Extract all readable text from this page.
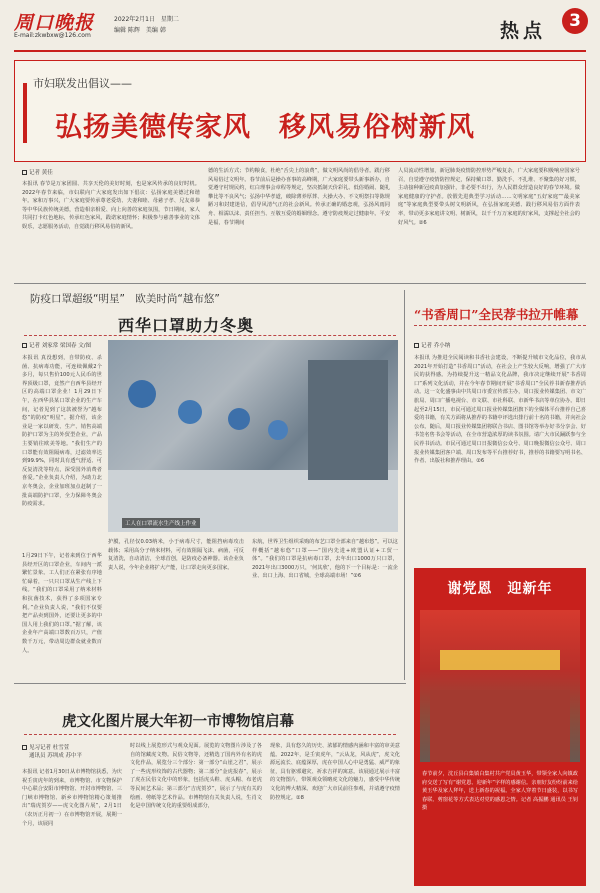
周口晚报
E-mail:zkwbxw@126.com
2022年2月1日　星期二
编辑 陈辉　美编 韩	热点	3
市妇联发出倡议——
弘扬美德传家风　移风易俗树新风
记者 黄佳
本报讯 春节是万家团圆、共享天伦的美好时刻，也是家风传承的良好时机。2022年春节来临，市妇联向广大家庭发出如下倡议：弘扬家庭美德过和谐年。家和万事兴，广大家庭要传承尊老爱幼、夫妻和睦、母慈子孝、兄友弟恭等中华民族传统美德，营造相亲相爱、向上向善的家庭氛围，节日期间，家人共同打卡红色地标，传承红色家风，践诺家庭情怀；积极参与慈善事业的文体娱乐，志愿服务活动，自觉践行移风易俗的新风。
德的生活方式；节约粮食，杜绝“舌尖上的浪费”，做文明风尚的倡导者。践行移风易俗过文明年。春节前后是操办喜事的高峰期，广大家庭要带头新事新办，自觉遵守村规民约，红白理事会章程等规定，坚决抵制天价彩礼、低俗婚闹、随礼攀比等不良风气；弘扬中华孝道，破除薄养厚葬、大操大办、不文明祭扫等陈规陋习和封建迷信，倡导风清气正的社会新风。传承正确的婚恋观，弘扬风雨同舟、相濡以沫、责任担当、互敬互爱的婚姻理念。遵守防疫规定过健康年。平安是福，春节期间
人员流动性增加，新冠肺炎疫情防控形势严峻复杂，广大家庭要积极响应国家号召，自觉遵守疫情防控规定，保持戴口罩、勤洗手、不扎堆、不聚集的好习惯，主动接种新冠疫苗加强针，非必要不出行，为人民群众营造良好的春节环境。做家庭健康的守护者。放假先进典型学习活动……文明家庭“五好家庭”“最美家庭”等家庭典型要带头树文明新风，在弘扬家庭美德、践行移风易俗方面作表率，带动更多家庭讲文明、树新风，以千千万万家庭的好家风，支撑起全社会的好风气。②6
防疫口罩超级“明星”　欧美时尚“越布悠”
西华口罩助力冬奥
记者 刘家常 梁国春 文/图
本报讯 真没想到，自带防疫、杀菌、抗病毒功能，可连续佩戴2个多月，每只售价100元人民币的世界顶级口罩，竟然产自西华县经开区的高端口罩企业！1月29日下午，在西华县某口罩企业的生产车间，记者见到了这款被誉为“越布悠”的防疫“明星”。据介绍，该企业是一家以研发、生产、销售高端防护口罩为主的外贸型企业，产品主要销往欧美等地。“我们生产的口罩能有效阻隔病毒，过滤效率达到99.9%，同时具有透气舒适、可反复清洗等特点，深受国外消费者喜爱。”企业负责人介绍，为助力北京冬奥会，企业加班加点赶制了一批高端防护口罩，全力保障冬奥会防疫需求。
工人在口罩流水生产线上作业
1月29日下午，记者来到位于西华县经开区的口罩企业，车间内一派繁忙景象。工人们正在紧张有序地忙碌着，一只只口罩从生产线上下线。“我们的口罩采用了纳米材料和抗菌技术，获得了多项国家专利。”企业负责人说，“我们不仅要把产品卖到国外，还要让更多的中国人用上我们的口罩。”据了解，该企业年产高端口罩数百万只，产值数千万元，带动周边群众就业数百人。
护膜，孔径仅0.03纳米，小于病毒尺寸，能阻挡病毒攻击载体；采用高分子纳米材料，可有效阻隔飞沫、病菌，可反复清洗，自动清洁，全球首创，是防疫必备神器。该企业负责人说，今年企业将扩大产能，让口罩走向更多国家。
东航，世界卫生组织采购的布艺口罩全部来自“越布悠”。可以这样概括“越布悠”口罩——“国内先进+欧盟认证+工贸一体”。“我们的口罩是抗病毒口罩，去年出口1000万只口罩，2021年出口3000万只，‘何其欣’，他的下一个目标是：一流企业、出口上海、出口省城，全球高端市场！”②6
“书香周口”全民荐书拉开帷幕
记者 乔小纳
本报讯 为推进全民阅读和书香社会建设，不断提升城市文化品位，我市从2021年开始打造“书香周口”活动，在社会上产生较大反响，增强了广大市民的获得感。为持续提升这一精品文化品牌，我市决定继续开展“书香周口”系列文化活动，并在今年春节期间开展“书香周口”全民荐书新春推荐活动。这一文化盛事由中共周口市委宣传部主办，周口报业传媒集团、市文广旅局、周口广播电视台、市文联、市社科联、市新华书店等单位协办。即日起至2月15日，市民可通过周口报业传媒集团旗下的全媒体平台推荐自己喜爱的书籍，有关方面将从推荐的书籍中评选出排行前十名的书籍，并向社会公布。随后，周口报业传媒集团将联合书店、图书馆等举办好书分享会、好书签名售书会等活动，在全市营造浓厚的读书氛围。请广大市民踊跃参与全民荐书活动。市民可通过周口日报微信公众号、周口晚报微信公众号、周口报业传媒集团客户端、周口发布等平台推荐好书，推荐的书籍要写明书名、作者、出版社和推荐理由。②6
谢党恩　迎新年
春节前夕，沈丘县白集镇白集村共产党员黄玉华，带领全家人向镇政府交送了写有“谢党恩、迎新年”字样的感谢信。亲朋好友纷纷前来给黄玉华及家人拜年，送上新春的祝福。全家人穿着节日盛装，以书写春联、剪窗花等方式表达对党的感恩之情。记者 高振鹏 通讯员 王钊 摄
虎文化图片展大年初一市博物馆启幕
见习记者 杜雪萱
通讯员 苏圳成 苏中平
本报讯 记者1月30日从市博物馆获悉，为庆祝壬寅虎年的到来，市博物馆、市文物保护中心联合安阳市博物馆、开封市博物馆、三门峡市博物馆、新乡市博物馆精心策划推出“瑞虎贺岁——虎文化图片展”，2月1日（农历正月初一）在市博物馆开展，展期一个月，该展同
时以线上展览形式与观众见面。展览的文物图片涉及了各自的馆藏虎文物。民俗文物等，还精选了国内外有名的虎文化作品，展览分三个部分：第一部分“山崖之君”，展示了一些虎形纹饰的古代器物；第二部分“金虎报春”，展示了虎在民俗文化中的形象，包括虎头鞋、虎头帽、布老虎等民间艺术品；第三部分“吉虎贺岁”，展示了与虎有关的绘画、剪纸等艺术作品。市博物馆有关负责人说，生肖文化是中国传统文化的重要组成部分，
现象，具有悠久的历史、浓郁的情感内涵和丰富的审美意蕴。2022年，是壬寅虎年，“云从龙，风从虎”，虎文化源远流长、底蕴深厚，虎在中国人心中是勇猛、威严的象征，具有驱邪避灾、祈求吉祥的寓意。该展通过展示丰富的文物图片，带领观众领略虎文化的魅力，感受中华传统文化的博大精深。欢迎广大市民前往参观，并请遵守疫情防控规定。②8
